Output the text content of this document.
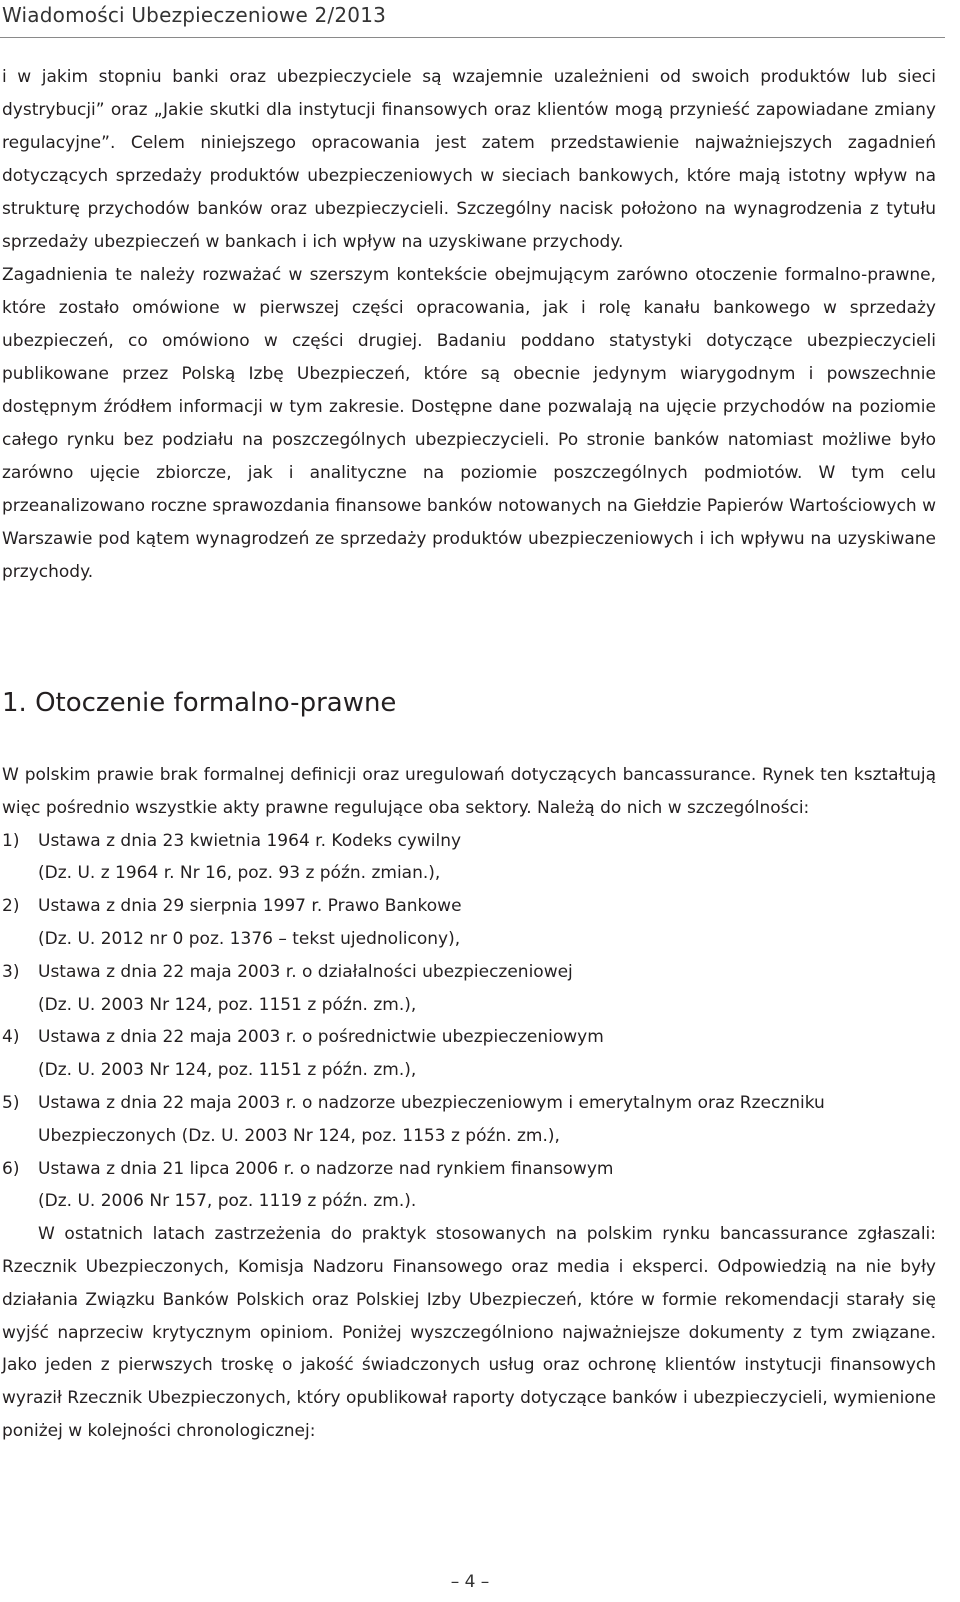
Wiadomości Ubezpieczeniowe 2/2013

i w jakim stopniu banki oraz ubezpieczyciele są wzajemnie uzależnieni od swoich produktów lub sieci dystrybucji” oraz „Jakie skutki dla instytucji finansowych oraz klientów mogą przynieść zapowiadane zmiany regulacyjne”. Celem niniejszego opracowania jest zatem przedstawienie najważniejszych zagadnień dotyczących sprzedaży produktów ubezpieczeniowych w sieciach bankowych, które mają istotny wpływ na strukturę przychodów banków oraz ubezpieczycieli. Szczególny nacisk położono na wynagrodzenia z tytułu sprzedaży ubezpieczeń w bankach i ich wpływ na uzyskiwane przychody.

Zagadnienia te należy rozważać w szerszym kontekście obejmującym zarówno otoczenie formalno-prawne, które zostało omówione w pierwszej części opracowania, jak i rolę kanału bankowego w sprzedaży ubezpieczeń, co omówiono w części drugiej. Badaniu poddano statystyki dotyczące ubezpieczycieli publikowane przez Polską Izbę Ubezpieczeń, które są obecnie jedynym wiarygodnym i powszechnie dostępnym źródłem informacji w tym zakresie. Dostępne dane pozwalają na ujęcie przychodów na poziomie całego rynku bez podziału na poszczególnych ubezpieczycieli. Po stronie banków natomiast możliwe było zarówno ujęcie zbiorcze, jak i analityczne na poziomie poszczególnych podmiotów. W tym celu przeanalizowano roczne sprawozdania finansowe banków notowanych na Giełdzie Papierów Wartościowych w Warszawie pod kątem wynagrodzeń ze sprzedaży produktów ubezpieczeniowych i ich wpływu na uzyskiwane przychody.

1. Otoczenie formalno-prawne

W polskim prawie brak formalnej definicji oraz uregulowań dotyczących bancassurance. Rynek ten kształtują więc pośrednio wszystkie akty prawne regulujące oba sektory. Należą do nich w szczególności:

1) Ustawa z dnia 23 kwietnia 1964 r. Kodeks cywilny
(Dz. U. z 1964 r. Nr 16, poz. 93 z późn. zmian.),
2) Ustawa z dnia 29 sierpnia 1997 r. Prawo Bankowe
(Dz. U. 2012 nr 0 poz. 1376 – tekst ujednolicony),
3) Ustawa z dnia 22 maja 2003 r. o działalności ubezpieczeniowej
(Dz. U. 2003 Nr 124, poz. 1151 z późn. zm.),
4) Ustawa z dnia 22 maja 2003 r. o pośrednictwie ubezpieczeniowym
(Dz. U. 2003 Nr 124, poz. 1151 z późn. zm.),
5) Ustawa z dnia 22 maja 2003 r. o nadzorze ubezpieczeniowym i emerytalnym oraz Rzeczniku
Ubezpieczonych (Dz. U. 2003 Nr 124, poz. 1153 z późn. zm.),
6) Ustawa z dnia 21 lipca 2006 r. o nadzorze nad rynkiem finansowym
(Dz. U. 2006 Nr 157, poz. 1119 z późn. zm.).

W ostatnich latach zastrzeżenia do praktyk stosowanych na polskim rynku bancassurance zgłaszali: Rzecznik Ubezpieczonych, Komisja Nadzoru Finansowego oraz media i eksperci. Odpowiedzią na nie były działania Związku Banków Polskich oraz Polskiej Izby Ubezpieczeń, które w formie rekomendacji starały się wyjść naprzeciw krytycznym opiniom. Poniżej wyszczególniono najważniejsze dokumenty z tym związane. Jako jeden z pierwszych troskę o jakość świadczonych usług oraz ochronę klientów instytucji finansowych wyraził Rzecznik Ubezpieczonych, który opublikował raporty dotyczące banków i ubezpieczycieli, wymienione poniżej w kolejności chronologicznej:

– 4 –
